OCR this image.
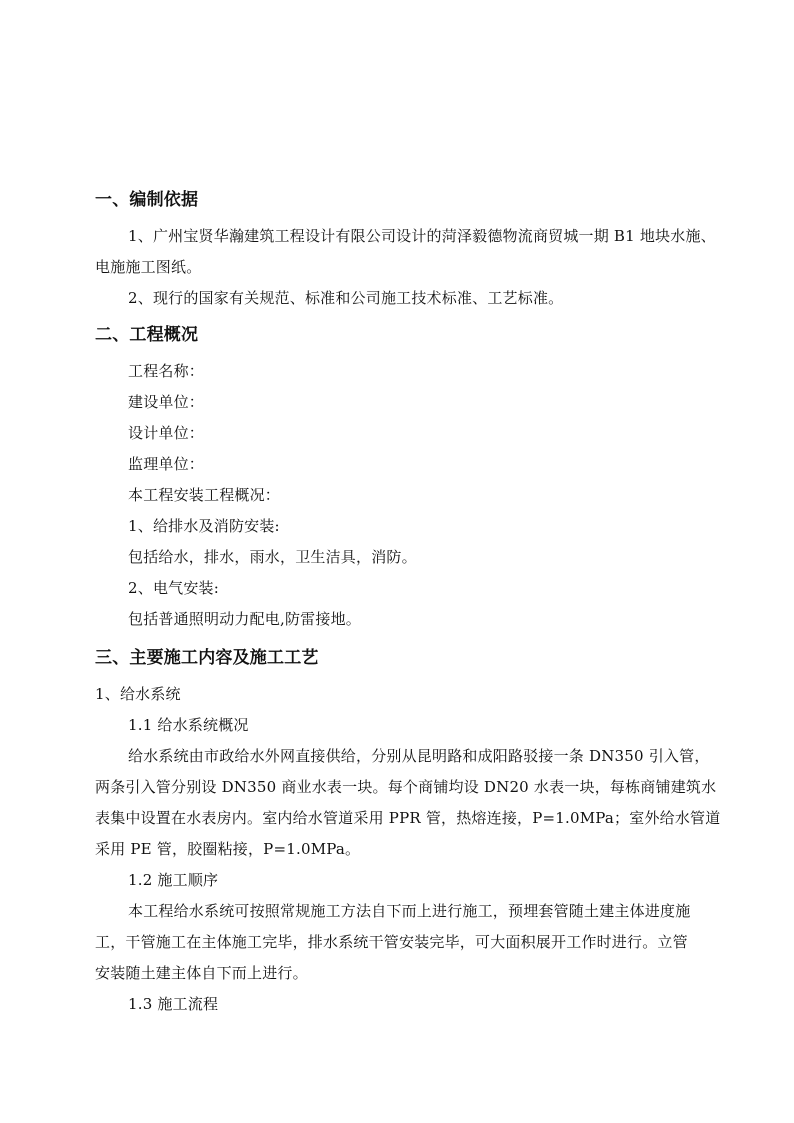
一、编制依据
1、广州宝贤华瀚建筑工程设计有限公司设计的菏泽毅德物流商贸城一期 B1 地块水施、
电施施工图纸。
2、现行的国家有关规范、标准和公司施工技术标准、工艺标准。
二、工程概况
工程名称：
建设单位：
设计单位：
监理单位：
本工程安装工程概况：
1、给排水及消防安装:
包括给水，排水，雨水，卫生洁具，消防。
2、电气安装:
包括普通照明动力配电,防雷接地。
三、主要施工内容及施工工艺
1、给水系统
1.1 给水系统概况
给水系统由市政给水外网直接供给，分别从昆明路和成阳路驳接一条 DN350 引入管，
两条引入管分别设 DN350 商业水表一块。每个商铺均设 DN20 水表一块，每栋商铺建筑水
表集中设置在水表房内。室内给水管道采用 PPR 管，热熔连接，P=1.0MPa；室外给水管道
采用 PE 管，胶圈粘接，P=1.0MPa。
1.2 施工顺序
本工程给水系统可按照常规施工方法自下而上进行施工，预埋套管随土建主体进度施
工，干管施工在主体施工完毕，排水系统干管安装完毕，可大面积展开工作时进行。立管
安装随土建主体自下而上进行。
1.3 施工流程
